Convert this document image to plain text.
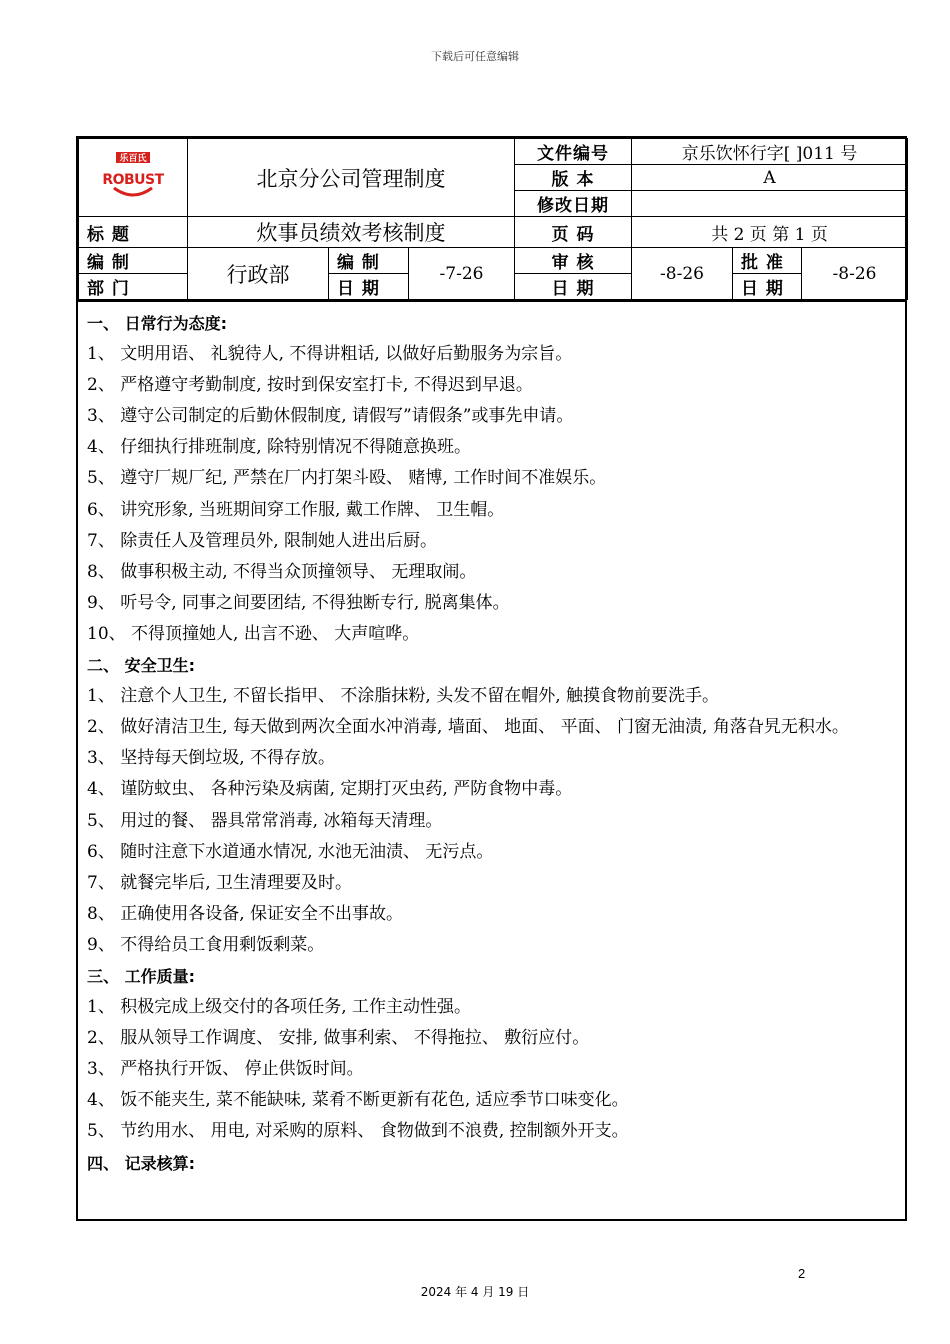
下载后可任意编辑
乐百氏
ROBUST	北京分公司管理制度			文件编号	京乐饮怀行字[ ]011 号		
				版 本	A		
				修改日期			
标 题	炊事员绩效考核制度			页 码	共 2 页 第 1 页		
编 制	行政部	编 制	-7-26	审 核	-8-26	批 准	-8-26
部 门		日 期		日 期		日 期	

一、 日常行为态度:

1、 文明用语、 礼貌待人, 不得讲粗话, 以做好后勤服务为宗旨。

2、 严格遵守考勤制度, 按时到保安室打卡, 不得迟到早退。

3、 遵守公司制定的后勤休假制度, 请假写”请假条”或事先申请。

4、 仔细执行排班制度, 除特别情况不得随意换班。

5、 遵守厂规厂纪, 严禁在厂内打架斗殴、 赌博, 工作时间不准娱乐。

6、 讲究形象, 当班期间穿工作服, 戴工作牌、 卫生帽。

7、 除责任人及管理员外, 限制她人进出后厨。

8、 做事积极主动, 不得当众顶撞领导、 无理取闹。

9、 听号令, 同事之间要团结, 不得独断专行, 脱离集体。

10、 不得顶撞她人, 出言不逊、 大声喧哗。

二、 安全卫生:

1、 注意个人卫生, 不留长指甲、 不涂脂抹粉, 头发不留在帽外, 触摸食物前要洗手。

2、 做好清洁卫生, 每天做到两次全面水冲消毒, 墙面、 地面、 平面、 门窗无油渍, 角落旮旯无积水。

3、 坚持每天倒垃圾, 不得存放。

4、 谨防蚊虫、 各种污染及病菌, 定期打灭虫药, 严防食物中毒。

5、 用过的餐、 器具常常消毒, 冰箱每天清理。

6、 随时注意下水道通水情况, 水池无油渍、 无污点。

7、 就餐完毕后, 卫生清理要及时。

8、 正确使用各设备, 保证安全不出事故。

9、 不得给员工食用剩饭剩菜。

三、 工作质量:

1、 积极完成上级交付的各项任务, 工作主动性强。

2、 服从领导工作调度、 安排, 做事利索、 不得拖拉、 敷衍应付。

3、 严格执行开饭、 停止供饭时间。

4、 饭不能夹生, 菜不能缺味, 菜肴不断更新有花色, 适应季节口味变化。

5、 节约用水、 用电, 对采购的原料、 食物做到不浪费, 控制额外开支。

四、 记录核算:

2
2024 年 4 月 19 日
